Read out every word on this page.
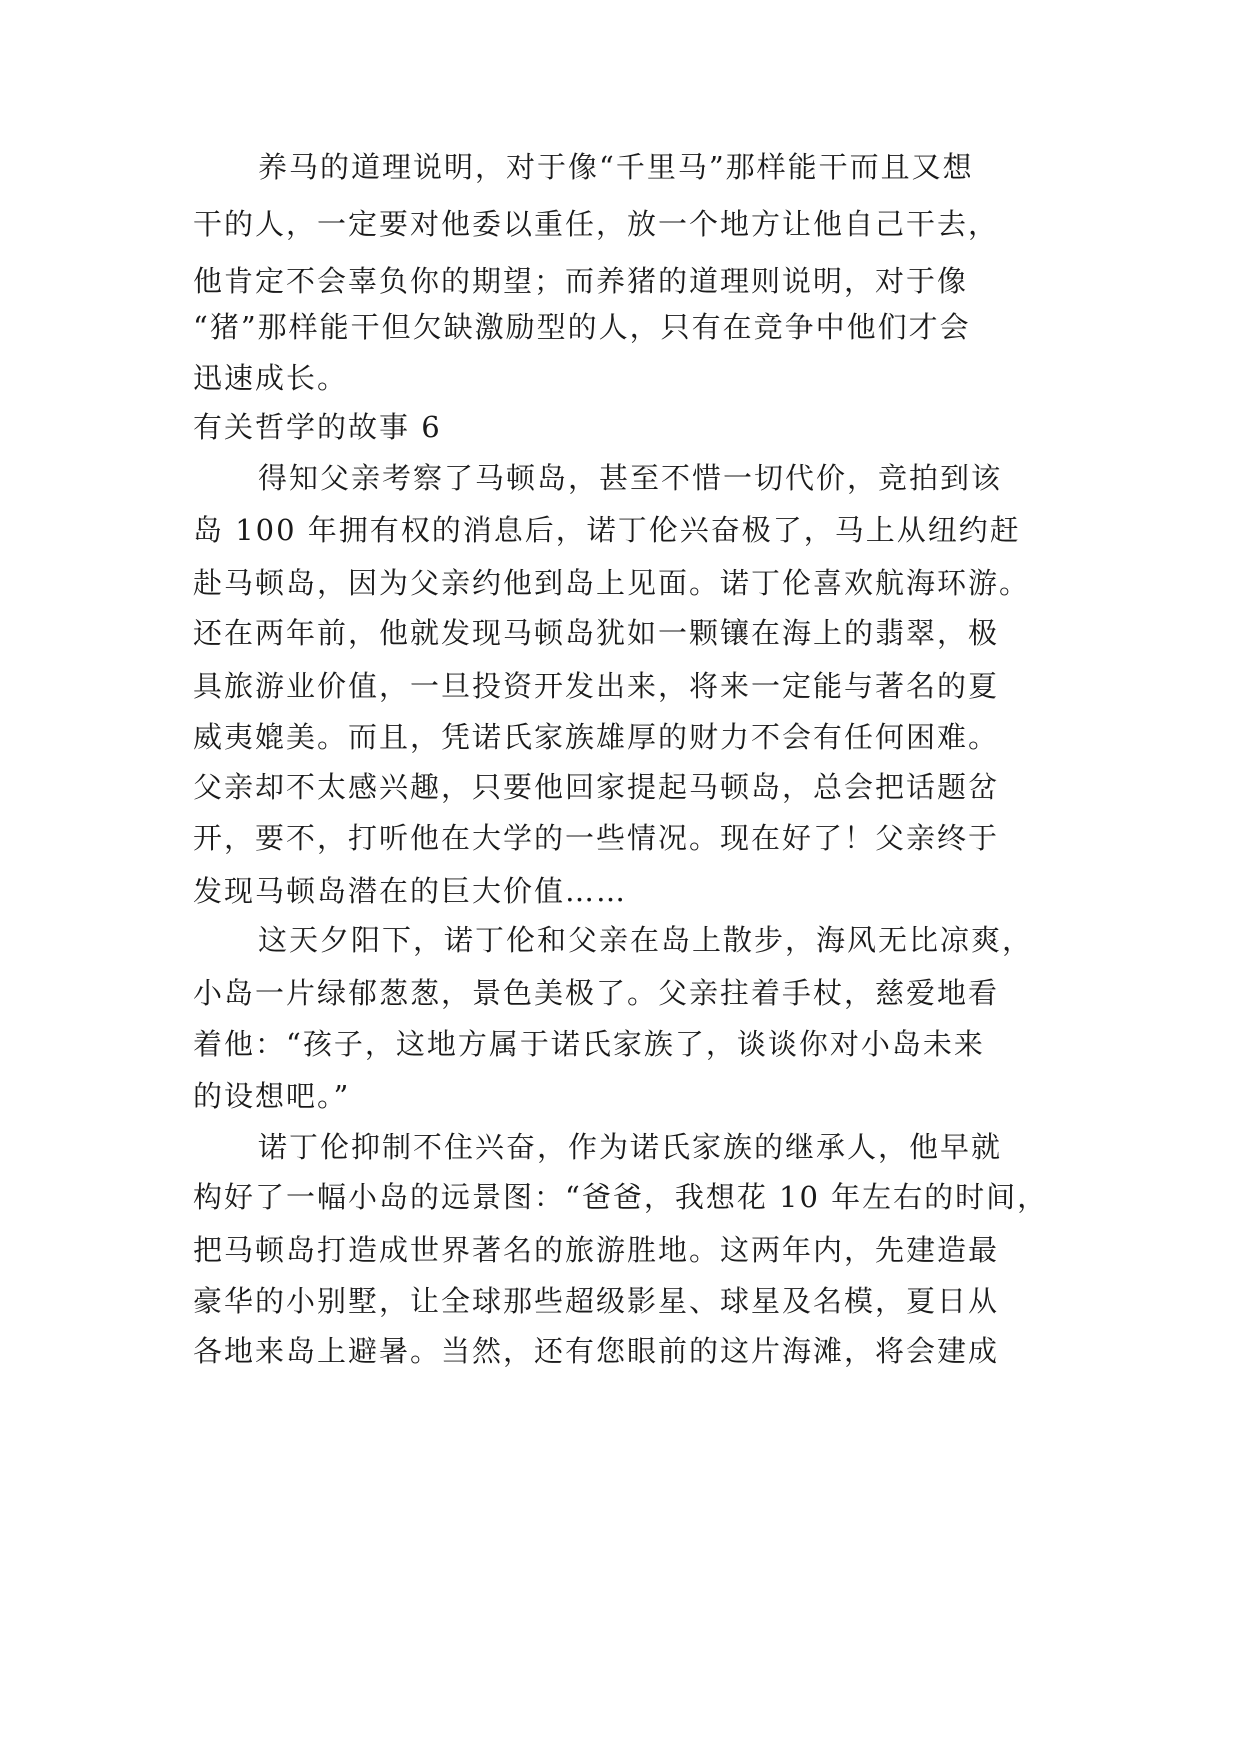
养马的道理说明，对于像“千里马”那样能干而且又想
干的人，一定要对他委以重任，放一个地方让他自己干去，
他肯定不会辜负你的期望；而养猪的道理则说明，对于像
“猪”那样能干但欠缺激励型的人，只有在竞争中他们才会
迅速成长。
有关哲学的故事 6
得知父亲考察了马顿岛，甚至不惜一切代价，竞拍到该
岛 100 年拥有权的消息后，诺丁伦兴奋极了，马上从纽约赶
赴马顿岛，因为父亲约他到岛上见面。诺丁伦喜欢航海环游。
还在两年前，他就发现马顿岛犹如一颗镶在海上的翡翠，极
具旅游业价值，一旦投资开发出来，将来一定能与著名的夏
威夷媲美。而且，凭诺氏家族雄厚的财力不会有任何困难。
父亲却不太感兴趣，只要他回家提起马顿岛，总会把话题岔
开，要不，打听他在大学的一些情况。现在好了！父亲终于
发现马顿岛潜在的巨大价值……
这天夕阳下，诺丁伦和父亲在岛上散步，海风无比凉爽，
小岛一片绿郁葱葱，景色美极了。父亲拄着手杖，慈爱地看
着他：“孩子，这地方属于诺氏家族了，谈谈你对小岛未来
的设想吧。”
诺丁伦抑制不住兴奋，作为诺氏家族的继承人，他早就
构好了一幅小岛的远景图：“爸爸，我想花 10 年左右的时间，
把马顿岛打造成世界著名的旅游胜地。这两年内，先建造最
豪华的小别墅，让全球那些超级影星、球星及名模，夏日从
各地来岛上避暑。当然，还有您眼前的这片海滩，将会建成
